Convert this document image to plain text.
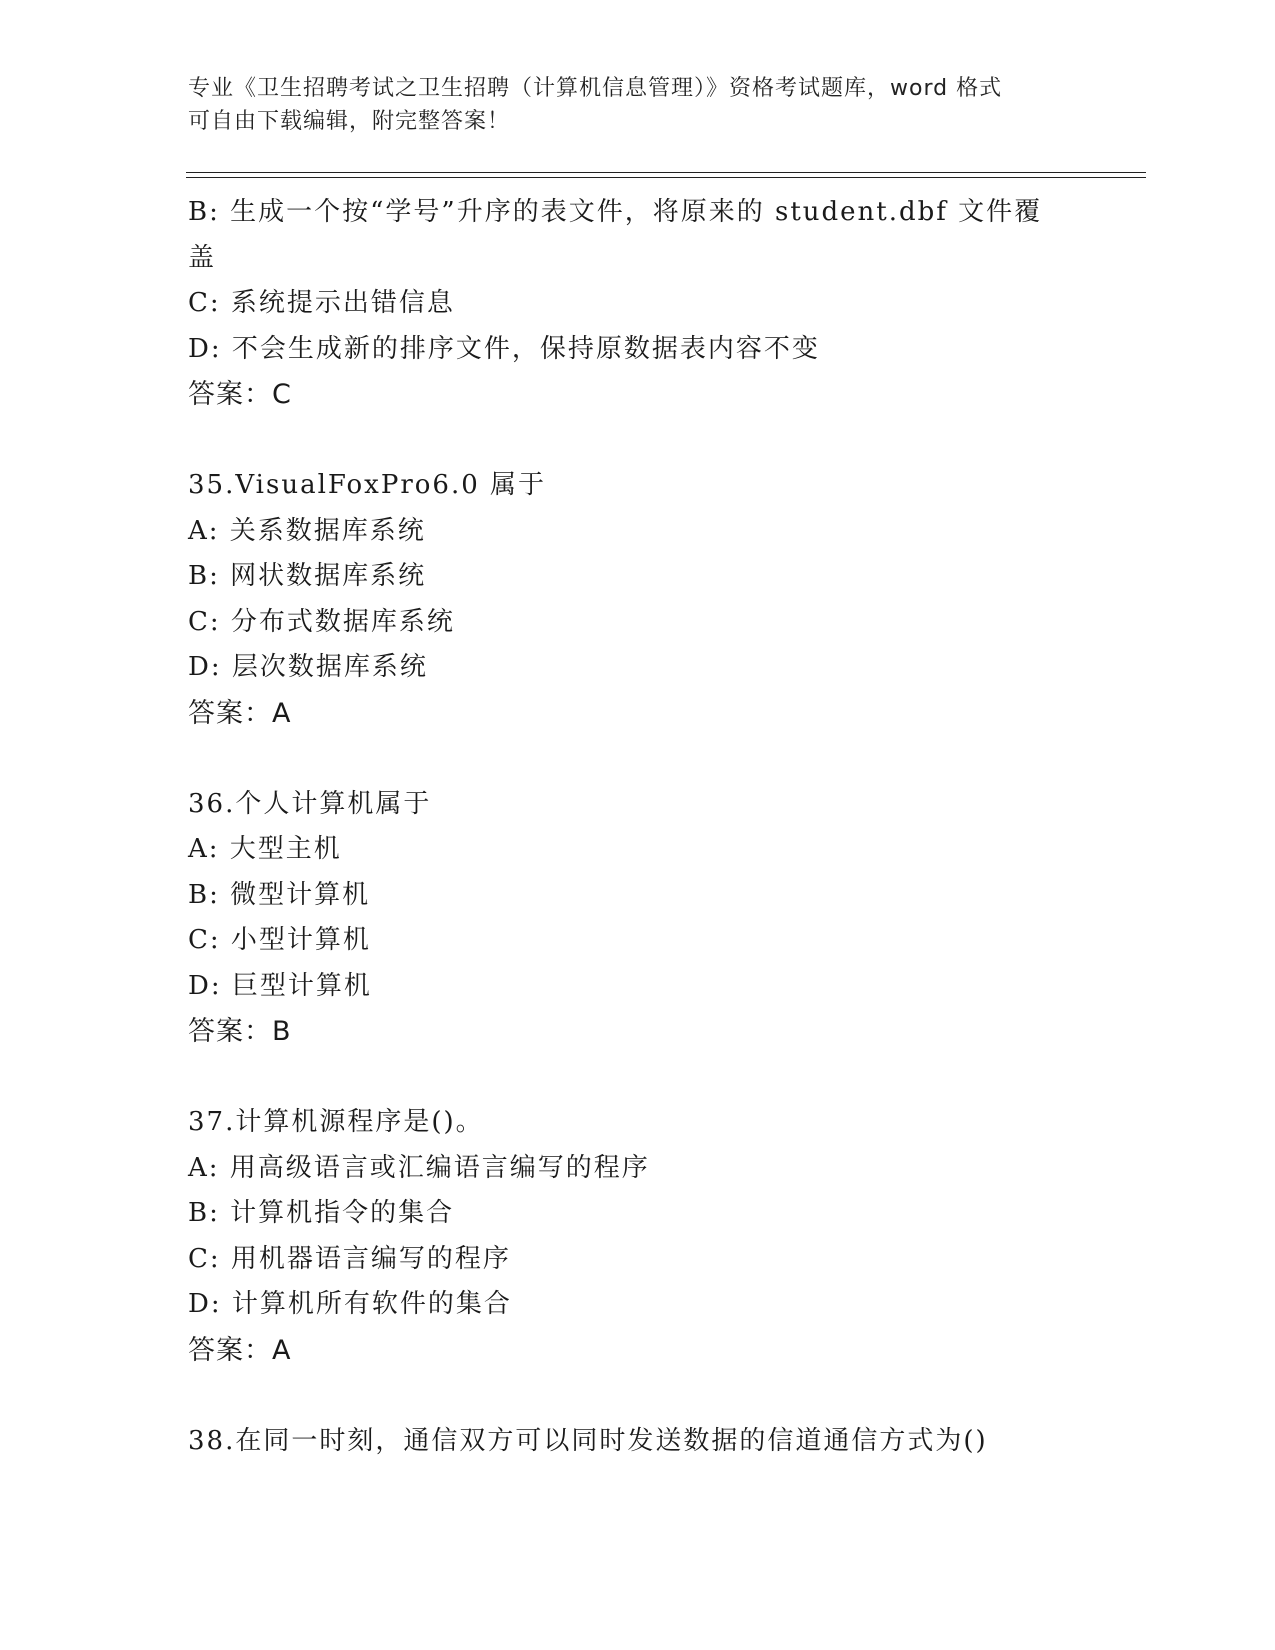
专业《卫生招聘考试之卫生招聘（计算机信息管理）》资格考试题库，word 格式
可自由下载编辑，附完整答案！
B: 生成一个按“学号”升序的表文件，将原来的 student.dbf 文件覆
盖
C: 系统提示出错信息
D: 不会生成新的排序文件，保持原数据表内容不变
答案：C
35.VisualFoxPro6.0 属于
A: 关系数据库系统
B: 网状数据库系统
C: 分布式数据库系统
D: 层次数据库系统
答案：A
36.个人计算机属于
A: 大型主机
B: 微型计算机
C: 小型计算机
D: 巨型计算机
答案：B
37.计算机源程序是()。
A: 用高级语言或汇编语言编写的程序
B: 计算机指令的集合
C: 用机器语言编写的程序
D: 计算机所有软件的集合
答案：A
38.在同一时刻，通信双方可以同时发送数据的信道通信方式为()
